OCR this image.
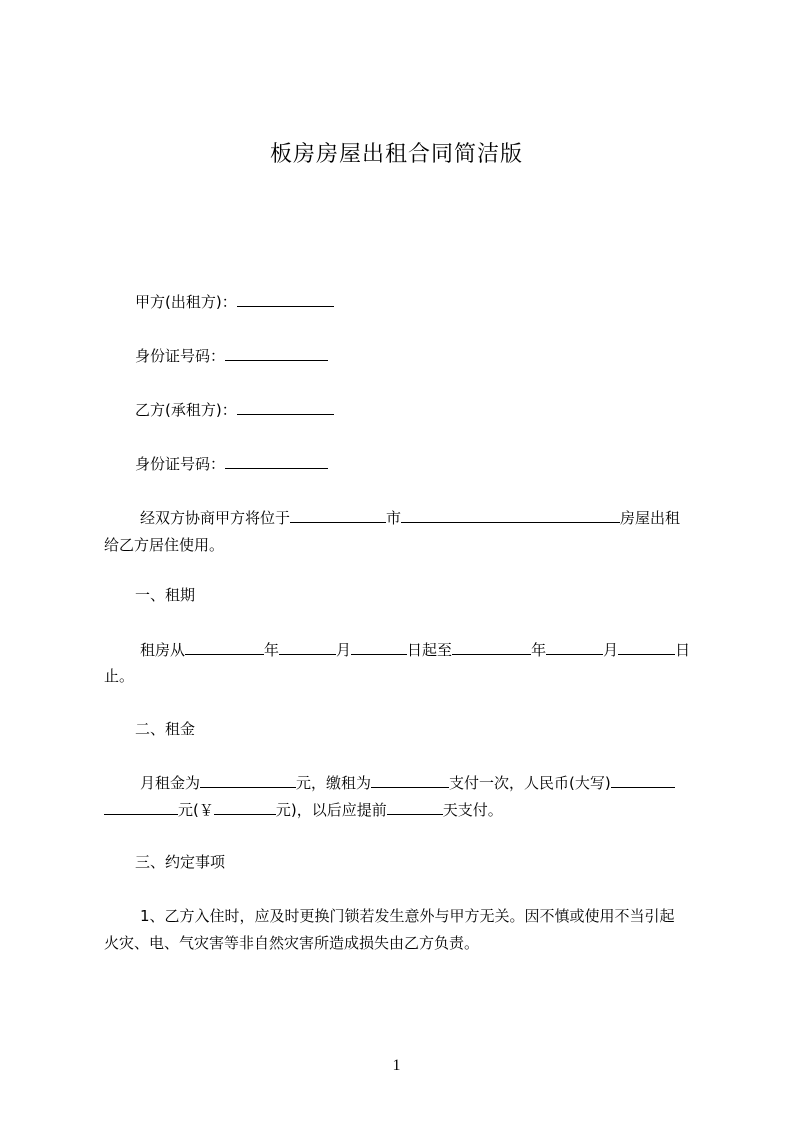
板房房屋出租合同简洁版
甲方(出租方)：
身份证号码：
乙方(承租方)：
身份证号码：
经双方协商甲方将位于	市	房屋出租
给乙方居住使用。
一、租期
租房从	年	月	日起至	年	月	日
止。
二、租金
月租金为	元，缴租为	支付一次，人民币(大写)
元(￥	元)，以后应提前	天支付。
三、约定事项
1、乙方入住时，应及时更换门锁若发生意外与甲方无关。因不慎或使用不当引起
火灾、电、气灾害等非自然灾害所造成损失由乙方负责。
1
